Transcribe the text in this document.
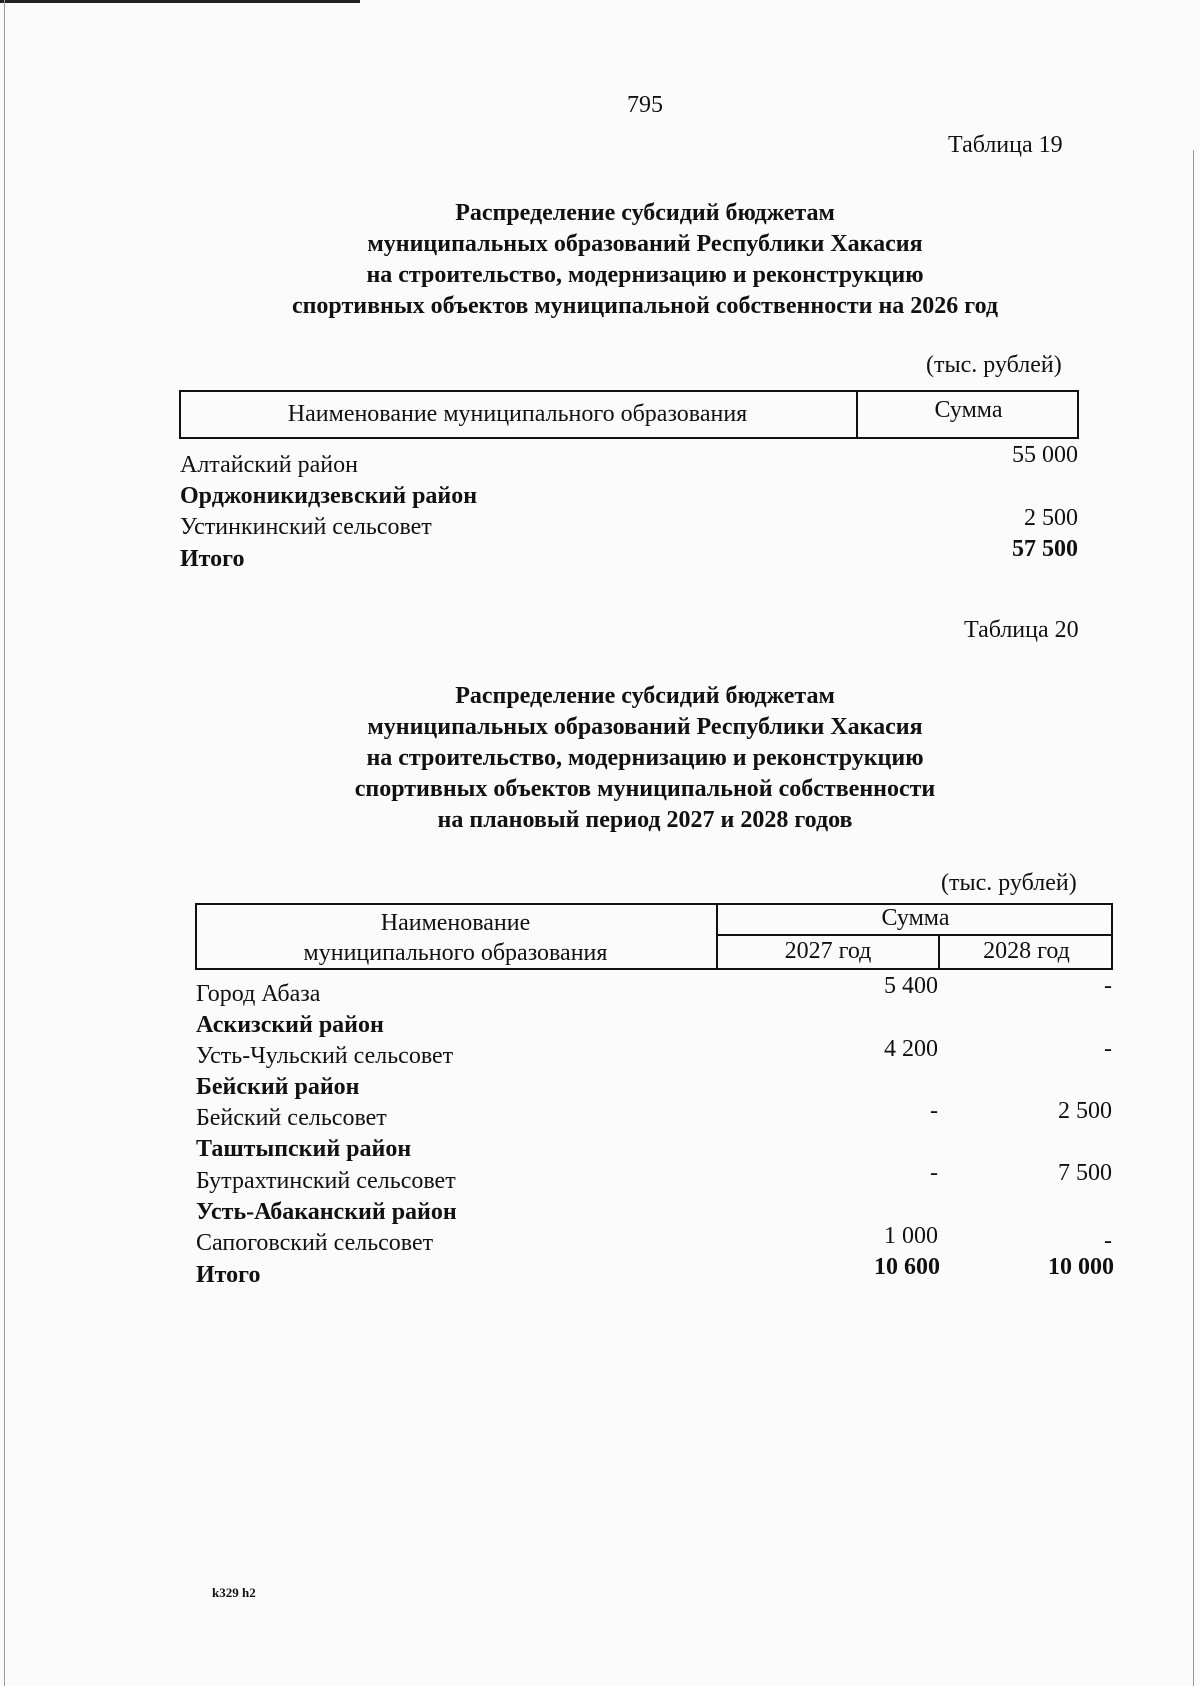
795
Таблица 19
Распределение субсидий бюджетам
муниципальных образований Республики Хакасия
на строительство, модернизацию и реконструкцию
спортивных объектов муниципальной собственности на 2026 год
(тыс. рублей)
Наименование муниципального образования	Сумма
Алтайский район	55 000
Орджоникидзевский район
Устинкинский сельсовет	2 500
Итого	57 500
Таблица 20
Распределение субсидий бюджетам
муниципальных образований Республики Хакасия
на строительство, модернизацию и реконструкцию
спортивных объектов муниципальной собственности
на плановый период 2027 и 2028 годов
(тыс. рублей)
Наименование
муниципального образования
Сумма
2027 год	2028 год
Город Абаза	5 400	-
Аскизский район
Усть-Чульский сельсовет	4 200	-
Бейский район
Бейский сельсовет	-	2 500
Таштыпский район
Бутрахтинский сельсовет	-	7 500
Усть-Абаканский район
Сапоговский сельсовет	1 000	-
Итого	10 600	10 000
k329 h2
